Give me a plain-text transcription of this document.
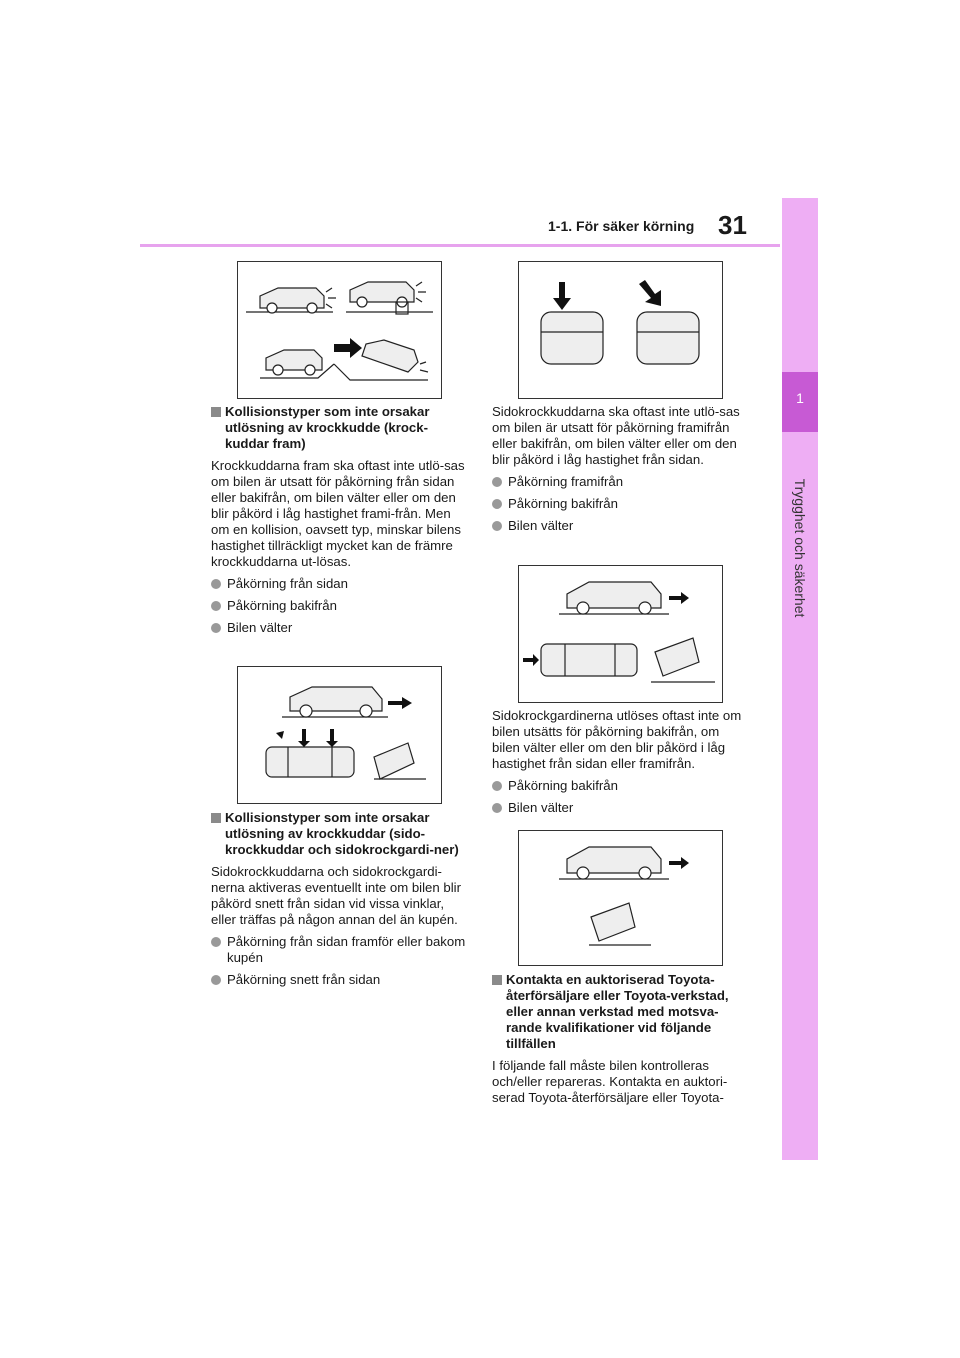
1-1. För säker körning 31
1
Trygghet och säkerhet
Kollisionstyper som inte orsakar utlösning av krockkudde (krock-kuddar fram)
Krockkuddarna fram ska oftast inte utlö-sas om bilen är utsatt för påkörning från sidan eller bakifrån, om bilen välter eller om den blir påkörd i låg hastighet frami-från. Men om en kollision, oavsett typ, minskar bilens hastighet tillräckligt mycket kan de främre krockkuddarna ut-lösas.
Påkörning från sidan
Påkörning bakifrån
Bilen välter
Kollisionstyper som inte orsakar utlösning av krockkuddar (sido-krockkuddar och sidokrockgardi-ner)
Sidokrockkuddarna och sidokrockgardi-nerna aktiveras eventuellt inte om bilen blir påkörd snett från sidan vid vissa vinklar, eller träffas på någon annan del än kupén.
Påkörning från sidan framför eller bakom kupén
Påkörning snett från sidan
Sidokrockkuddarna ska oftast inte utlö-sas om bilen är utsatt för påkörning framifrån eller bakifrån, om bilen välter eller om den blir påkörd i låg hastighet från sidan.
Påkörning framifrån
Påkörning bakifrån
Bilen välter
Sidokrockgardinerna utlöses oftast inte om bilen utsätts för påkörning bakifrån, om bilen välter eller om den blir påkörd i låg hastighet från sidan eller framifrån.
Påkörning bakifrån
Bilen välter
Kontakta en auktoriserad Toyota-återförsäljare eller Toyota-verkstad, eller annan verkstad med motsva-rande kvalifikationer vid följande tillfällen
I följande fall måste bilen kontrolleras och/eller repareras. Kontakta en auktori-serad Toyota-återförsäljare eller Toyota-
